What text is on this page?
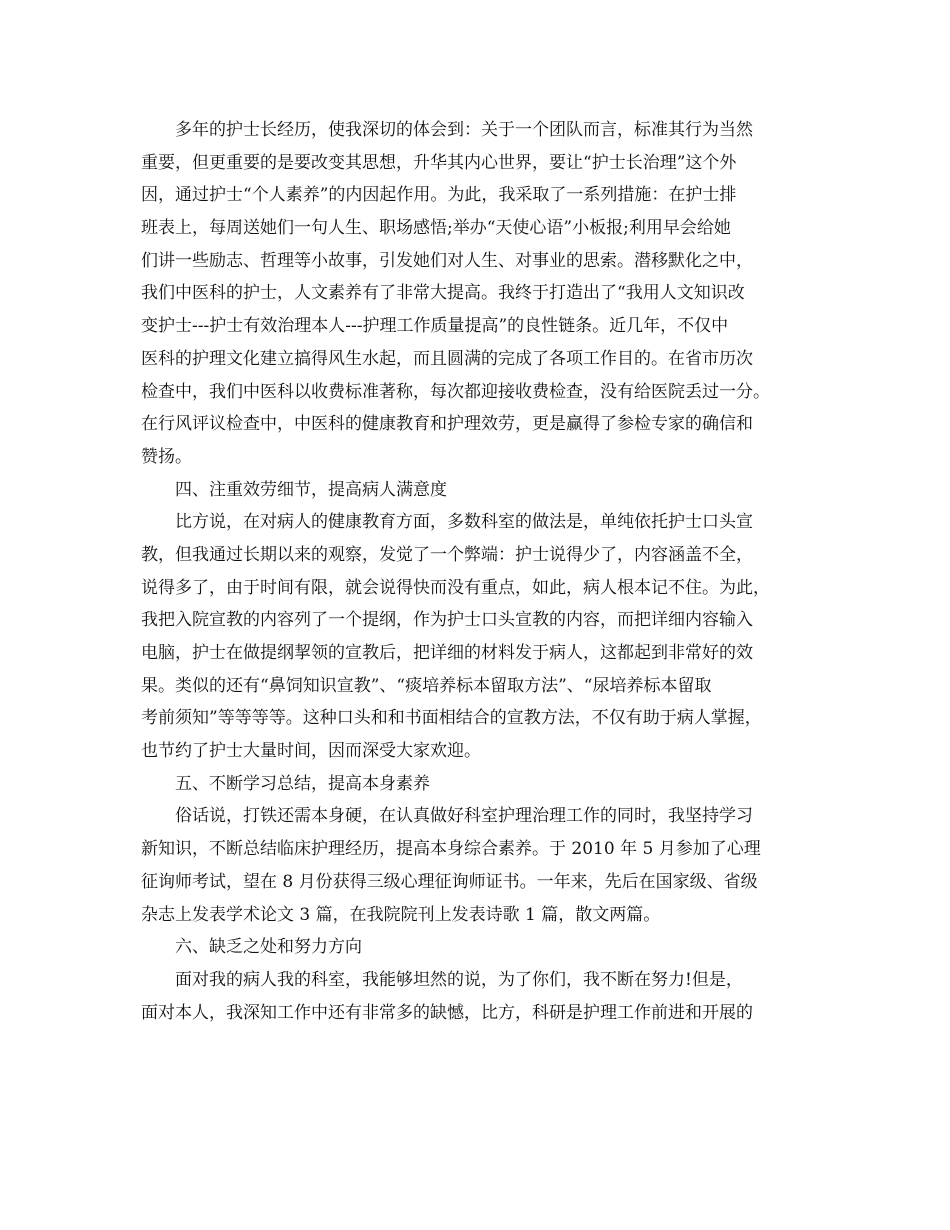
多年的护士长经历，使我深切的体会到：关于一个团队而言，标准其行为当然
重要，但更重要的是要改变其思想，升华其内心世界，要让“护士长治理”这个外
因，通过护士“个人素养”的内因起作用。为此，我采取了一系列措施：在护士排
班表上，每周送她们一句人生、职场感悟;举办“天使心语”小板报;利用早会给她
们讲一些励志、哲理等小故事，引发她们对人生、对事业的思索。潜移默化之中，
我们中医科的护士，人文素养有了非常大提高。我终于打造出了“我用人文知识改
变护士---护士有效治理本人---护理工作质量提高”的良性链条。近几年，不仅中
医科的护理文化建立搞得风生水起，而且圆满的完成了各项工作目的。在省市历次
检查中，我们中医科以收费标准著称，每次都迎接收费检查，没有给医院丢过一分。
在行风评议检查中，中医科的健康教育和护理效劳，更是赢得了参检专家的确信和
赞扬。
四、注重效劳细节，提高病人满意度
比方说，在对病人的健康教育方面，多数科室的做法是，单纯依托护士口头宣
教，但我通过长期以来的观察，发觉了一个弊端：护士说得少了，内容涵盖不全，
说得多了，由于时间有限，就会说得快而没有重点，如此，病人根本记不住。为此，
我把入院宣教的内容列了一个提纲，作为护士口头宣教的内容，而把详细内容输入
电脑，护士在做提纲挈领的宣教后，把详细的材料发于病人，这都起到非常好的效
果。类似的还有“鼻饲知识宣教”、“痰培养标本留取方法”、“尿培养标本留取
考前须知”等等等等。这种口头和和书面相结合的宣教方法，不仅有助于病人掌握，
也节约了护士大量时间，因而深受大家欢迎。
五、不断学习总结，提高本身素养
俗话说，打铁还需本身硬，在认真做好科室护理治理工作的同时，我坚持学习
新知识，不断总结临床护理经历，提高本身综合素养。于 2010 年 5 月参加了心理
征询师考试，望在 8 月份获得三级心理征询师证书。一年来，先后在国家级、省级
杂志上发表学术论文 3 篇，在我院院刊上发表诗歌 1 篇，散文两篇。
六、缺乏之处和努力方向
面对我的病人我的科室，我能够坦然的说，为了你们，我不断在努力!但是，
面对本人，我深知工作中还有非常多的缺憾，比方，科研是护理工作前进和开展的
